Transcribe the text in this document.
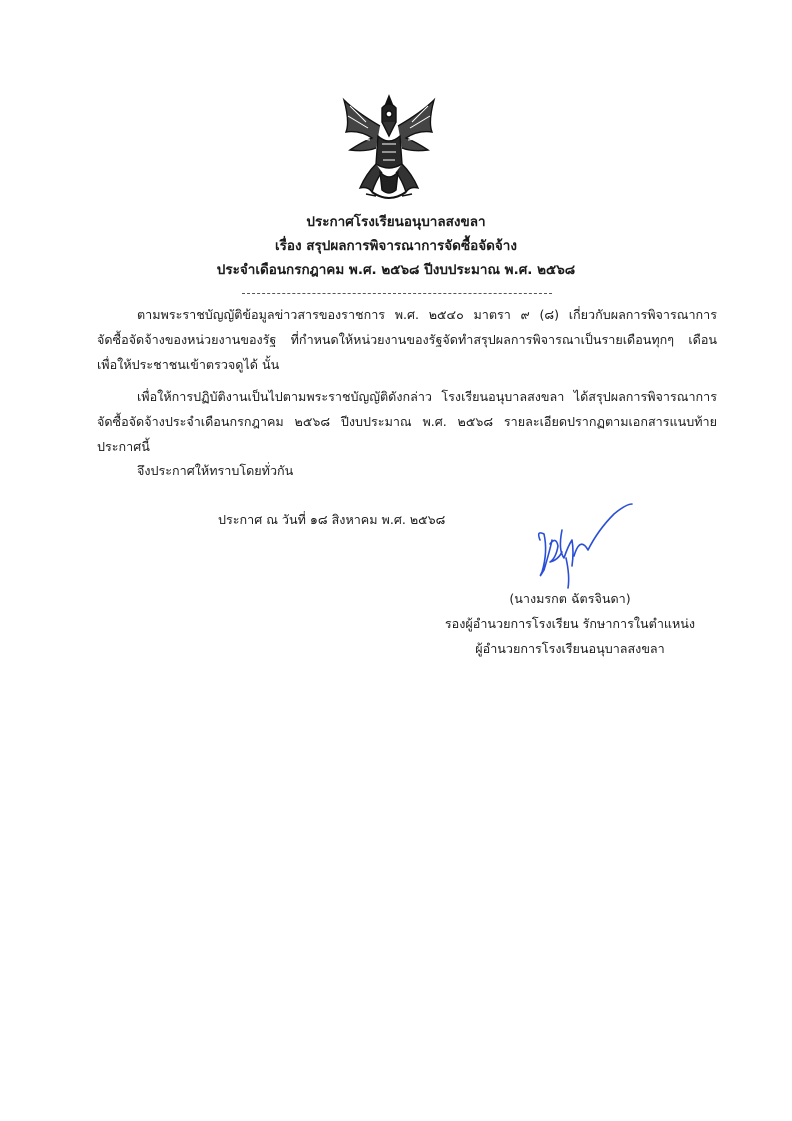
ประกาศโรงเรียนอนุบาลสงขลา
เรื่อง สรุปผลการพิจารณาการจัดซื้อจัดจ้าง
ประจำเดือนกรกฎาคม พ.ศ. ๒๕๖๘ ปีงบประมาณ พ.ศ. ๒๕๖๘
ตามพระราชบัญญัติข้อมูลข่าวสารของราชการ พ.ศ. ๒๕๔๐ มาตรา ๙ (๘) เกี่ยวกับผลการพิจารณาการ
จัดซื้อจัดจ้างของหน่วยงานของรัฐ ที่กำหนดให้หน่วยงานของรัฐจัดทำสรุปผลการพิจารณาเป็นรายเดือนทุกๆ เดือน
เพื่อให้ประชาชนเข้าตรวจดูได้ นั้น
เพื่อให้การปฏิบัติงานเป็นไปตามพระราชบัญญัติดังกล่าว โรงเรียนอนุบาลสงขลา ได้สรุปผลการพิจารณาการ
จัดซื้อจัดจ้างประจำเดือนกรกฎาคม ๒๕๖๘ ปีงบประมาณ พ.ศ. ๒๕๖๘ รายละเอียดปรากฏตามเอกสารแนบท้าย
ประกาศนี้
จึงประกาศให้ทราบโดยทั่วกัน
ประกาศ ณ วันที่ ๑๘ สิงหาคม พ.ศ. ๒๕๖๘
(นางมรกต ฉัตรจินดา)
รองผู้อำนวยการโรงเรียน รักษาการในตำแหน่ง
ผู้อำนวยการโรงเรียนอนุบาลสงขลา
